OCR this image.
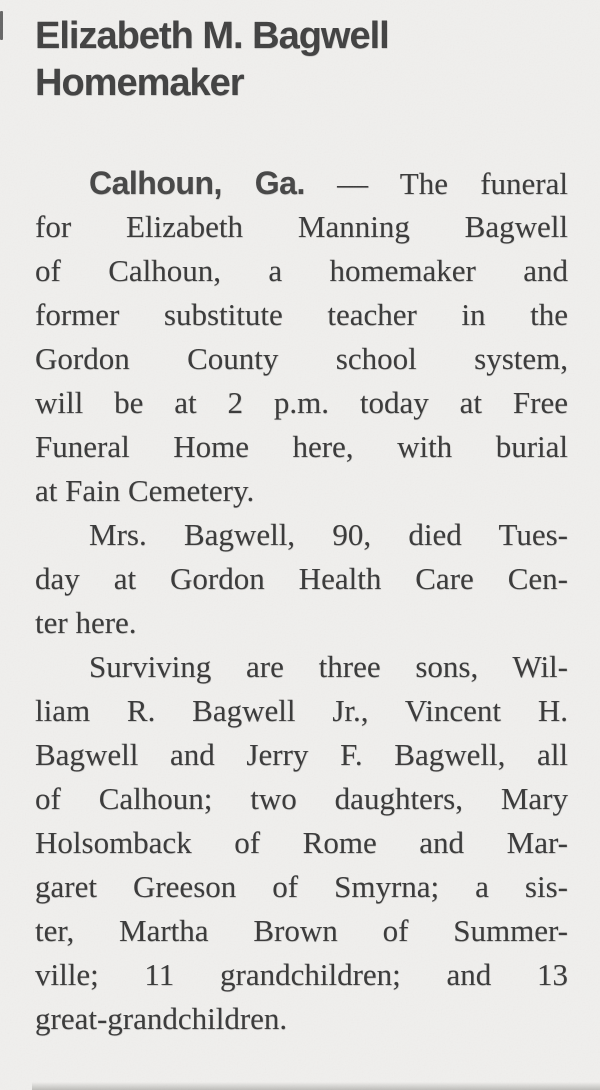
Elizabeth M. Bagwell
Homemaker
Calhoun, Ga. — The funeral
for Elizabeth Manning Bagwell
of Calhoun, a homemaker and
former substitute teacher in the
Gordon County school system,
will be at 2 p.m. today at Free
Funeral Home here, with burial
at Fain Cemetery.
Mrs. Bagwell, 90, died Tues-
day at Gordon Health Care Cen-
ter here.
Surviving are three sons, Wil-
liam R. Bagwell Jr., Vincent H.
Bagwell and Jerry F. Bagwell, all
of Calhoun; two daughters, Mary
Holsomback of Rome and Mar-
garet Greeson of Smyrna; a sis-
ter, Martha Brown of Summer-
ville; 11 grandchildren; and 13
great-grandchildren.
